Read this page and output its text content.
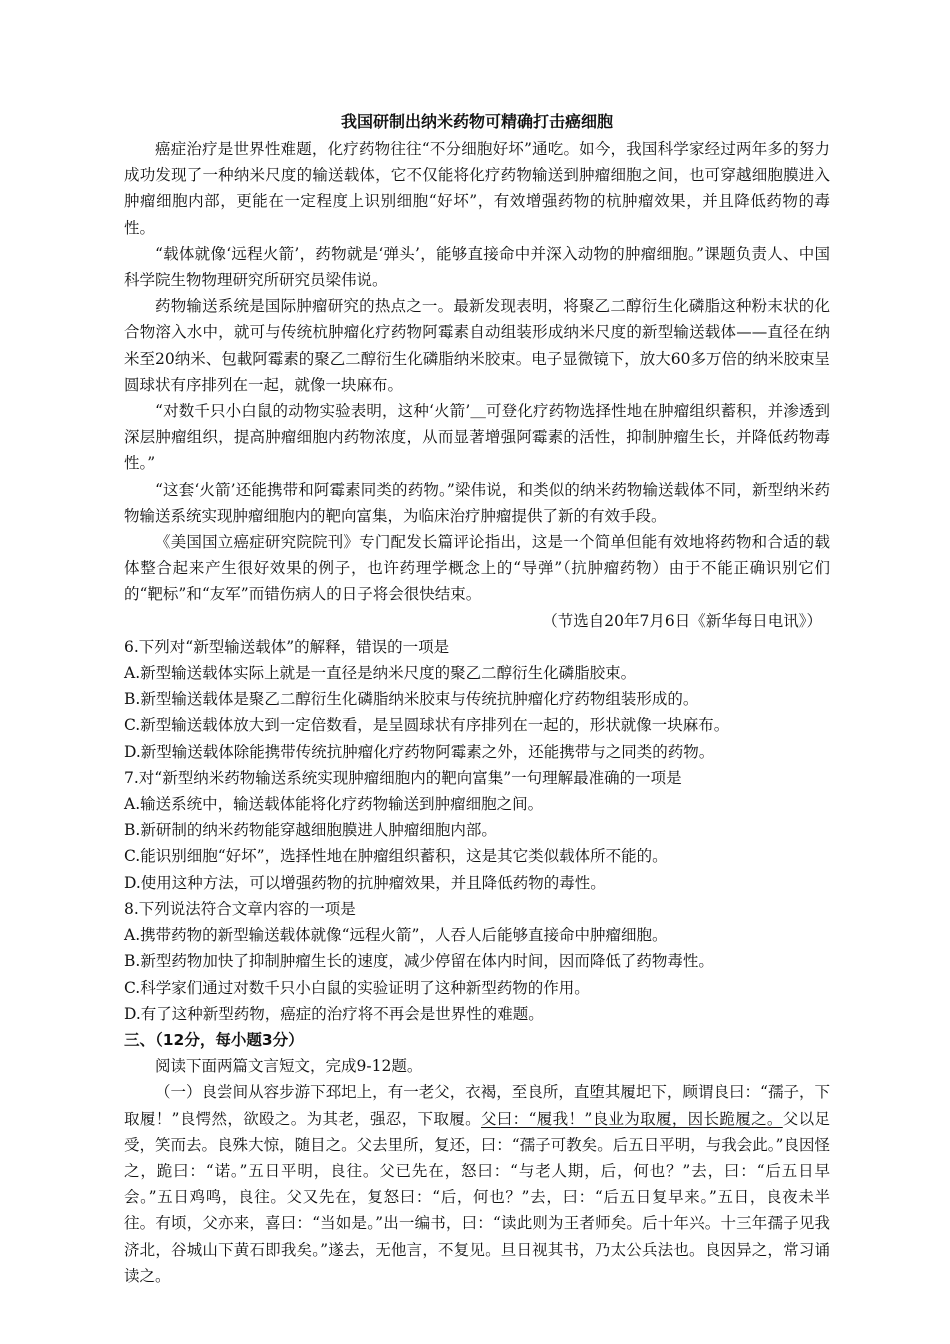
我国研制出纳米药物可精确打击癌细胞

癌症治疗是世界性难题，化疗药物往往“不分细胞好坏”通吃。如今，我国科学家经过两年多的努力成功发现了一种纳米尺度的输送载体，它不仅能将化疗药物输送到肿瘤细胞之间，也可穿越细胞膜进入肿瘤细胞内部，更能在一定程度上识别细胞“好坏”，有效增强药物的杭肿瘤效果，并且降低药物的毒性。

“载体就像‘远程火箭’，药物就是‘弹头’，能够直接命中并深入动物的肿瘤细胞。”课题负责人、中国科学院生物物理研究所研究员梁伟说。

药物输送系统是国际肿瘤研究的热点之一。最新发现表明，将聚乙二醇衍生化磷脂这种粉末状的化合物溶入水中，就可与传统杭肿瘤化疗药物阿霉素自动组装形成纳米尺度的新型输送载体——直径在纳米至20纳米、包載阿霉素的聚乙二醇衍生化磷脂纳米胶束。电子显微镜下，放大60多万倍的纳米胶束呈圆球状有序排列在一起，就像一块麻布。

“对数千只小白鼠的动物实验表明，这种‘火箭’＿可登化疗药物选择性地在肿瘤组织蓄积，并渗透到深层肿瘤组织，提高肿瘤细胞内药物浓度，从而显著增强阿霉素的活性，抑制肿瘤生长，并降低药物毒性。”

“这套‘火箭’还能携带和阿霉素同类的药物。”梁伟说，和类似的纳米药物输送载体不同，新型纳米药物输送系统实现肿瘤细胞内的靶向富集，为临床治疗肿瘤提供了新的有效手段。

《美国国立癌症研究院院刊》专门配发长篇评论指出，这是一个简单但能有效地将药物和合适的载体整合起来产生很好效果的例子，也许药理学概念上的“导弹”（抗肿瘤药物）由于不能正确识别它们的“靶标”和“友军”而错伤病人的日子将会很快结束。

（节选自20年7月6日《新华每日电讯》）

6.下列对“新型输送载体”的解释，错误的一项是

A.新型输送载体实际上就是一直径是纳米尺度的聚乙二醇衍生化磷脂胶束。

B.新型输送载体是聚乙二醇衍生化磷脂纳米胶束与传统抗肿瘤化疗药物组装形成的。

C.新型输送载体放大到一定倍数看，是呈圆球状有序排列在一起的，形状就像一块麻布。

D.新型输送载体除能携带传统抗肿瘤化疗药物阿霉素之外，还能携带与之同类的药物。

7.对“新型纳米药物输送系统实现肿瘤细胞内的靶向富集”一句理解最准确的一项是

A.输送系统中，输送载体能将化疗药物输送到肿瘤细胞之间。

B.新研制的纳米药物能穿越细胞膜进人肿瘤细胞内部。

C.能识别细胞“好坏”，选择性地在肿瘤组织蓄积，这是其它类似载体所不能的。

D.使用这种方法，可以增强药物的抗肿瘤效果，并且降低药物的毒性。

8.下列说法符合文章内容的一项是

A.携带药物的新型输送载体就像“远程火箭”，人吞人后能够直接命中肿瘤细胞。

B.新型药物加快了抑制肿瘤生长的速度，减少停留在体内时间，因而降低了药物毒性。

C.科学家们通过对数千只小白鼠的实验证明了这种新型药物的作用。

D.有了这种新型药物，癌症的治疗将不再会是世界性的难题。

三、（12分，每小题3分）

阅读下面两篇文言短文，完成9-12题。

（一）良尝间从容步游下邳圯上，有一老父，衣褐，至良所，直堕其履圯下，顾谓良曰：“孺子，下取履！”良愕然，欲殴之。为其老，强忍，下取履。父曰：“履我！”良业为取履，因长跪履之。父以足受，笑而去。良殊大惊，随目之。父去里所，复还，曰：“孺子可教矣。后五日平明，与我会此。”良因怪之，跪曰：“诺。”五日平明，良往。父已先在，怒曰：“与老人期，后，何也？”去，曰：“后五日早会。”五日鸡鸣，良往。父又先在，复怒曰：“后，何也？”去，曰：“后五日复早来。”五日，良夜未半往。有顷，父亦来，喜曰：“当如是。”出一编书，曰：“读此则为王者师矣。后十年兴。十三年孺子见我济北，谷城山下黄石即我矣。”遂去，无他言，不复见。旦日视其书，乃太公兵法也。良因异之，常习诵读之。
